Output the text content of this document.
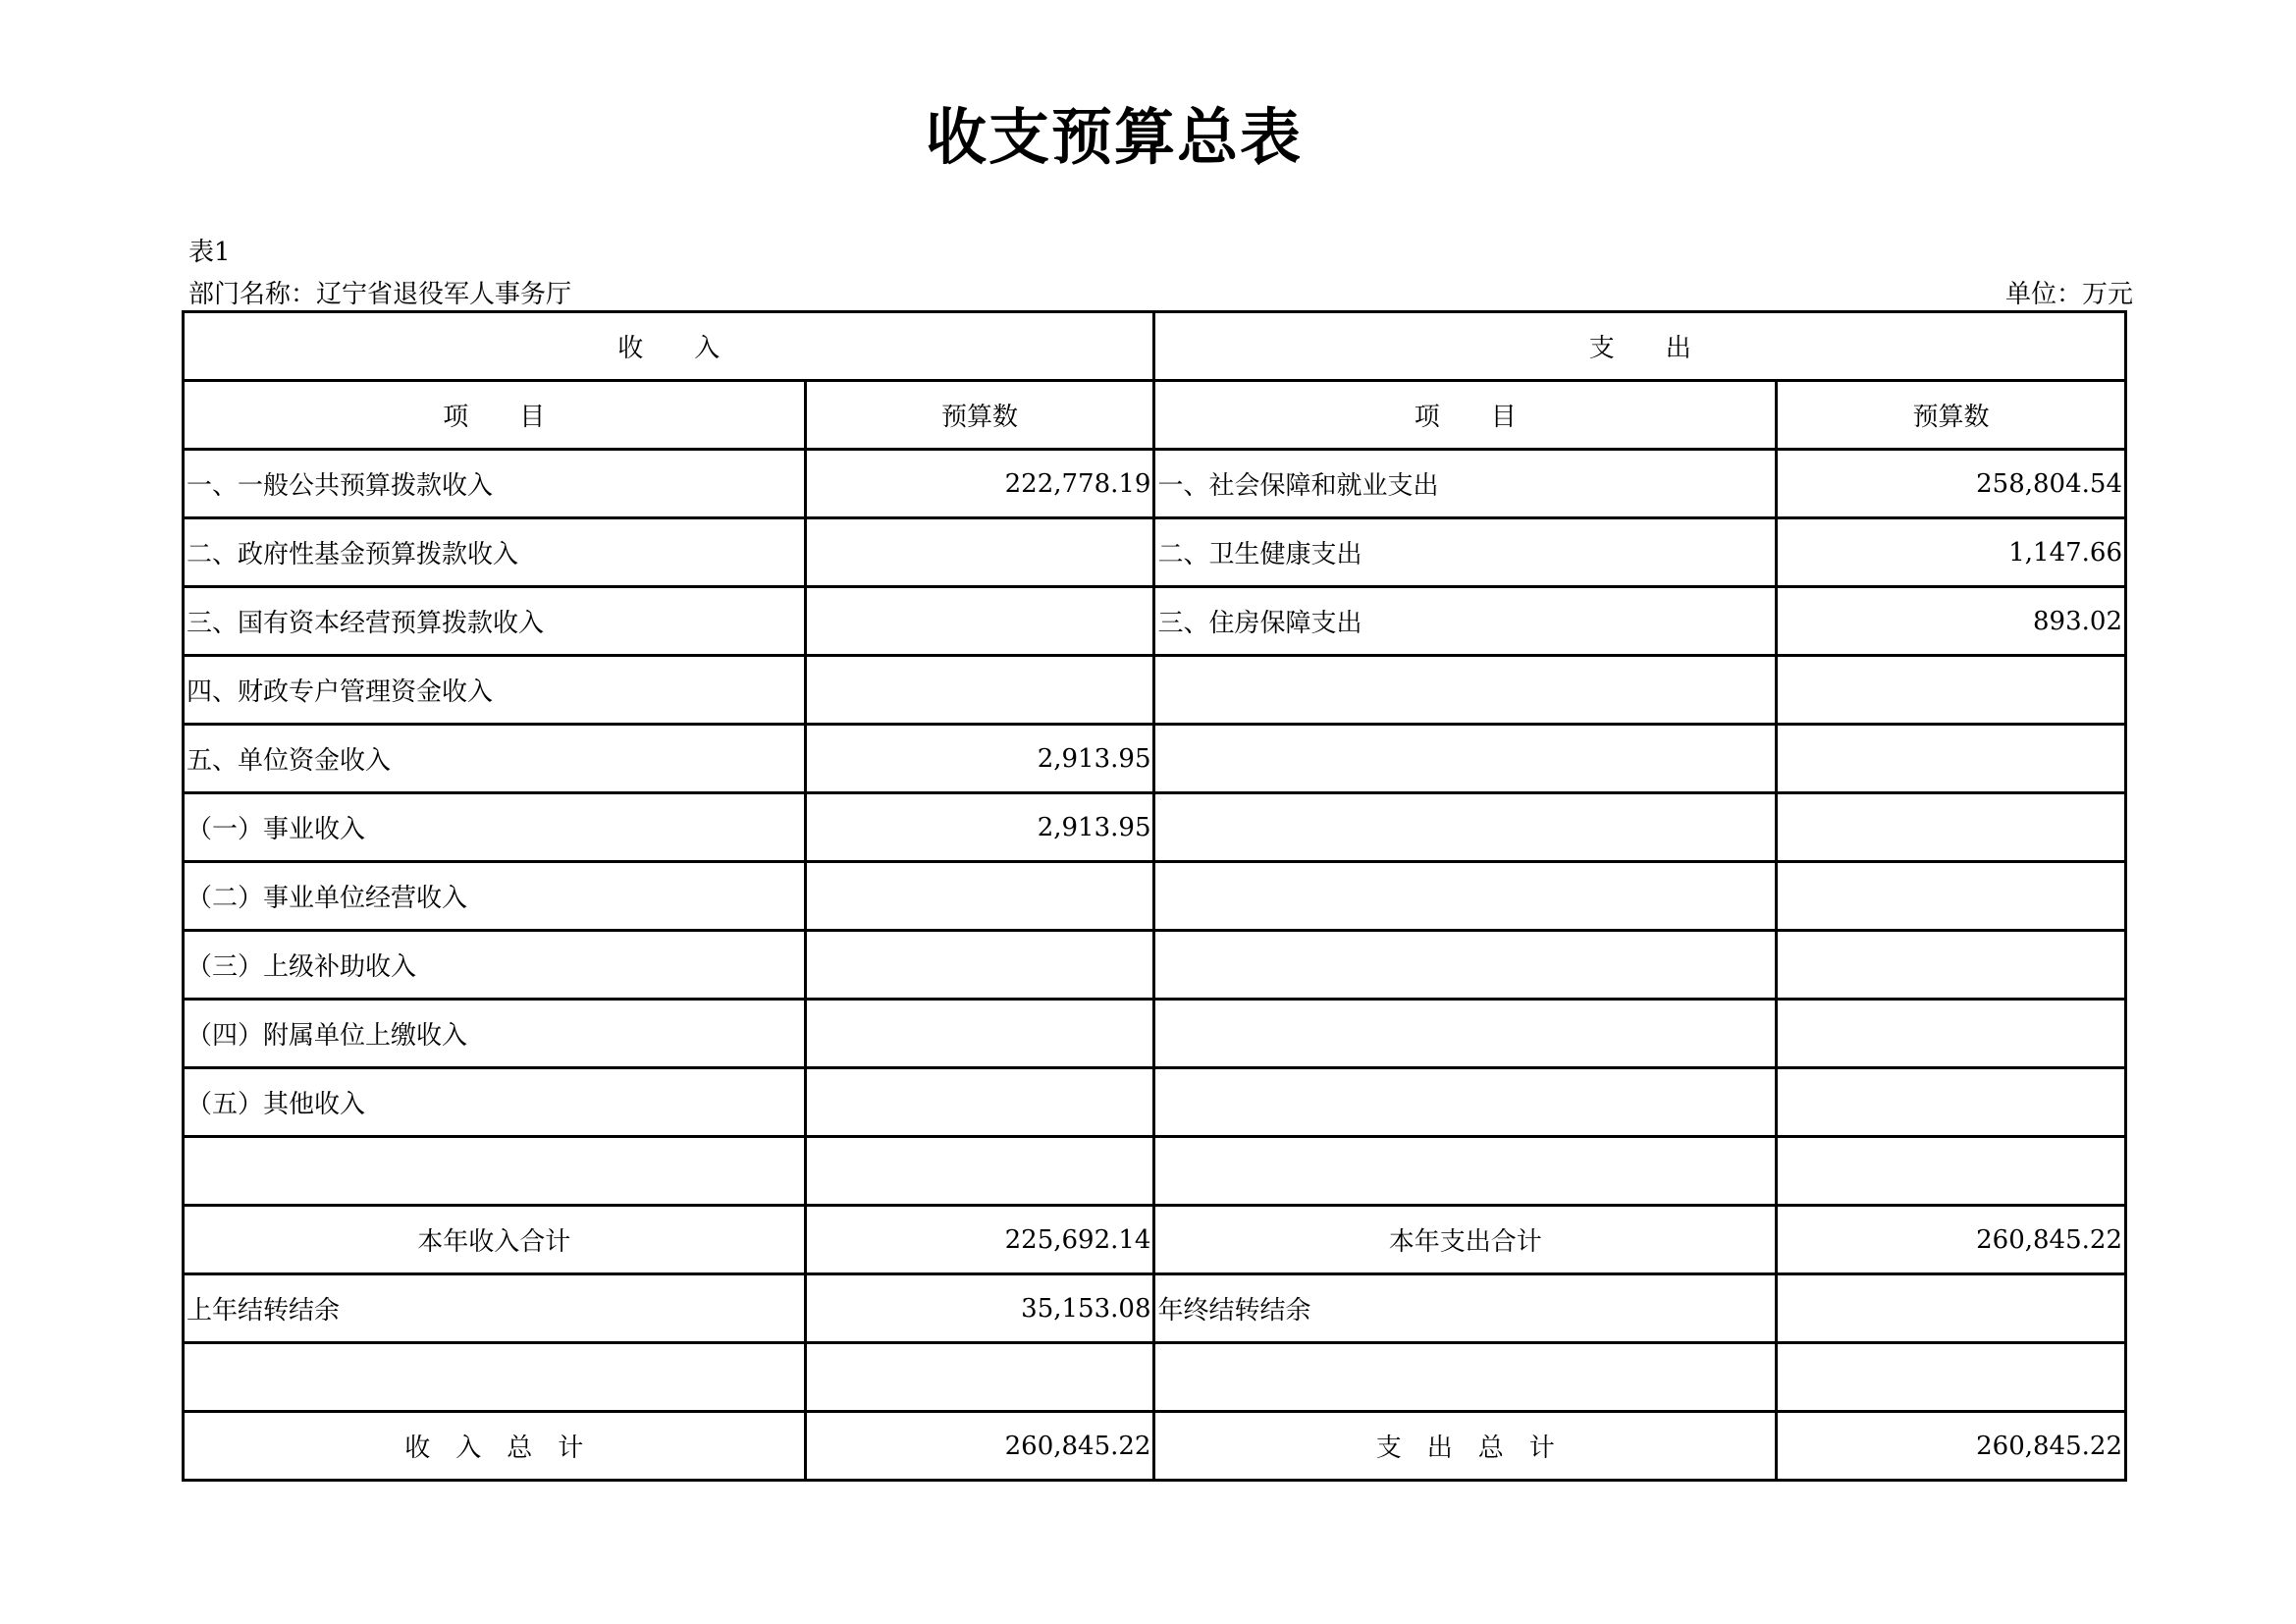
收支预算总表
表1
部门名称：辽宁省退役军人事务厅	单位：万元
收　　入		支　　出	
项　　目	预算数	项　　目	预算数
一、一般公共预算拨款收入	222,778.19	一、社会保障和就业支出	258,804.54
二、政府性基金预算拨款收入		二、卫生健康支出	1,147.66
三、国有资本经营预算拨款收入		三、住房保障支出	893.02
四、财政专户管理资金收入			
五、单位资金收入	2,913.95		
（一）事业收入	2,913.95		
（二）事业单位经营收入			
（三）上级补助收入			
（四）附属单位上缴收入			
（五）其他收入			

本年收入合计	225,692.14	本年支出合计	260,845.22
上年结转结余	35,153.08	年终结转结余	

收　入　总　计	260,845.22	支　出　总　计	260,845.22
